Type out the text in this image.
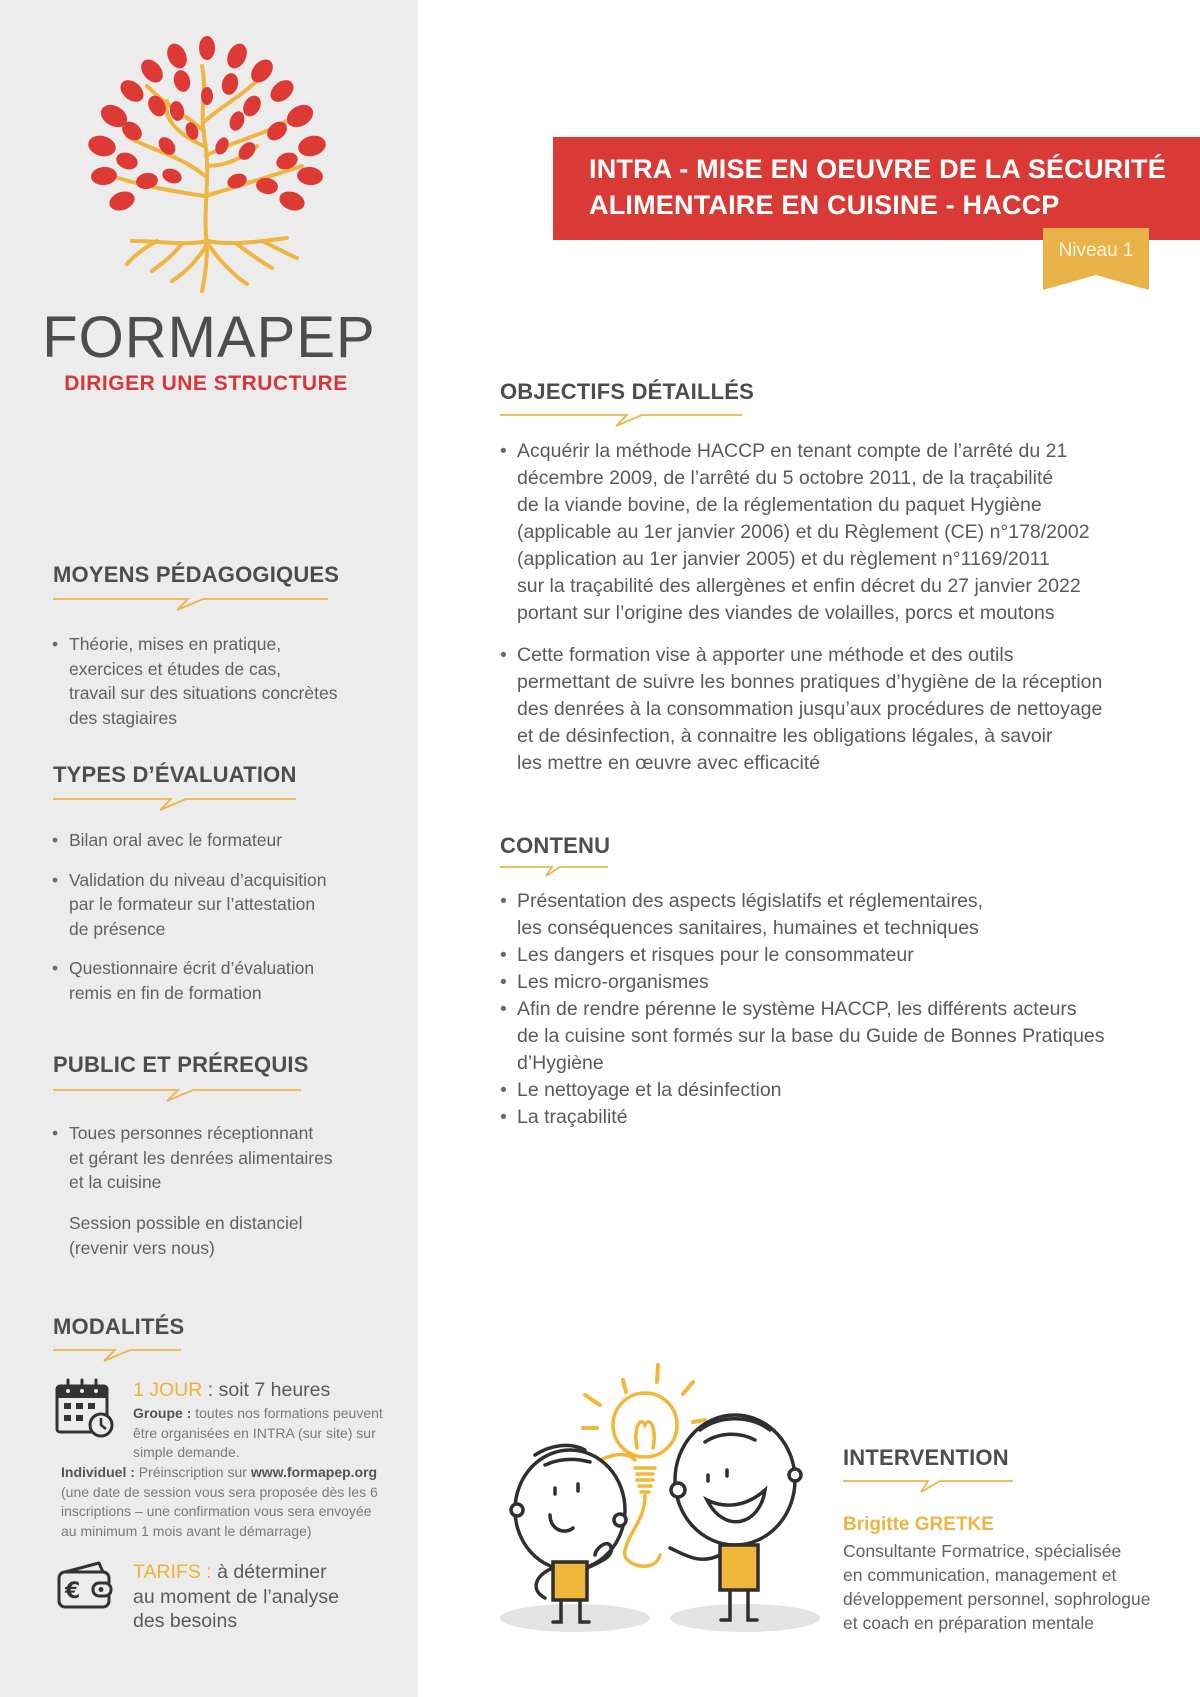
FORMAPEP
DIRIGER UNE STRUCTURE
MOYENS PÉDAGOGIQUES
• Théorie, mises en pratique,
exercices et études de cas,
travail sur des situations concrètes
des stagiaires
TYPES D’ÉVALUATION
• Bilan oral avec le formateur
• Validation du niveau d’acquisition
par le formateur sur l’attestation
de présence
• Questionnaire écrit d’évaluation
remis en fin de formation
PUBLIC ET PRÉREQUIS
• Toues personnes réceptionnant
et gérant les denrées alimentaires
et la cuisine
Session possible en distanciel
(revenir vers nous)
MODALITÉS
1 JOUR : soit 7 heures
Groupe : toutes nos formations peuvent
être organisées en INTRA (sur site) sur
simple demande.
Individuel : Préinscription sur www.formapep.org
(une date de session vous sera proposée dès les 6
inscriptions – une confirmation vous sera envoyée
au minimum 1 mois avant le démarrage)
€
TARIFS : à déterminer
au moment de l’analyse
des besoins
INTRA - MISE EN OEUVRE DE LA SÉCURITÉ
ALIMENTAIRE EN CUISINE - HACCP
Niveau 1
OBJECTIFS DÉTAILLÉS
• Acquérir la méthode HACCP en tenant compte de l’arrêté du 21
décembre 2009, de l’arrêté du 5 octobre 2011, de la traçabilité
de la viande bovine, de la réglementation du paquet Hygiène
(applicable au 1er janvier 2006) et du Règlement (CE) n°178/2002
(application au 1er janvier 2005) et du règlement n°1169/2011
sur la traçabilité des allergènes et enfin décret du 27 janvier 2022
portant sur l’origine des viandes de volailles, porcs et moutons
• Cette formation vise à apporter une méthode et des outils
permettant de suivre les bonnes pratiques d’hygiène de la réception
des denrées à la consommation jusqu’aux procédures de nettoyage
et de désinfection, à connaitre les obligations légales, à savoir
les mettre en œuvre avec efficacité
CONTENU
• Présentation des aspects législatifs et réglementaires,
les conséquences sanitaires, humaines et techniques
• Les dangers et risques pour le consommateur
• Les micro-organismes
• Afin de rendre pérenne le système HACCP, les différents acteurs
de la cuisine sont formés sur la base du Guide de Bonnes Pratiques
d’Hygiène
• Le nettoyage et la désinfection
• La traçabilité
INTERVENTION
Brigitte GRETKE
Consultante Formatrice, spécialisée
en communication, management et
développement personnel, sophrologue
et coach en préparation mentale
